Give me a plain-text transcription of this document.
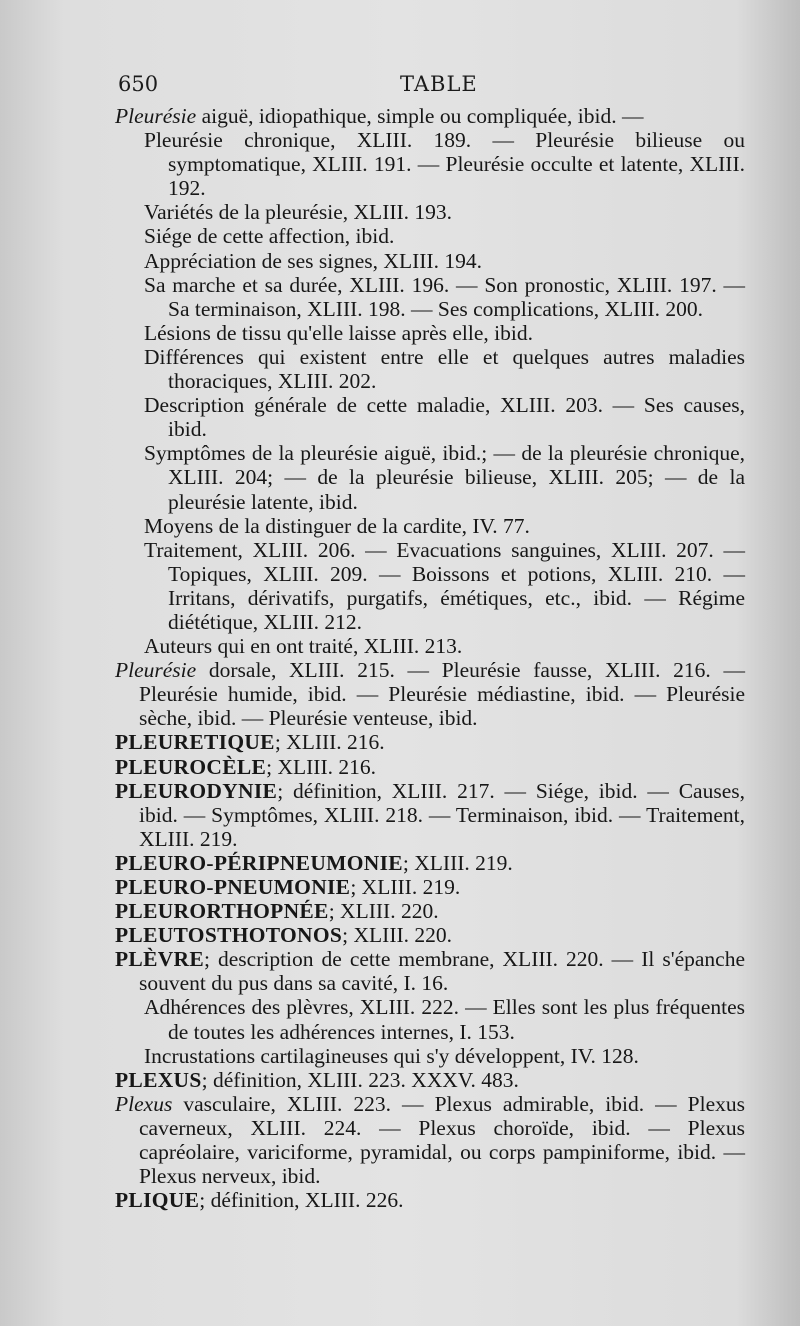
650	TABLE

Pleurésie aiguë, idiopathique, simple ou compliquée, ibid. —

Pleurésie chronique, XLIII. 189. — Pleurésie bilieuse ou symptomatique, XLIII. 191. — Pleurésie occulte et latente, XLIII. 192.

Variétés de la pleurésie, XLIII. 193.

Siége de cette affection, ibid.

Appréciation de ses signes, XLIII. 194.

Sa marche et sa durée, XLIII. 196. — Son pronostic, XLIII. 197. — Sa terminaison, XLIII. 198. — Ses complications, XLIII. 200.

Lésions de tissu qu'elle laisse après elle, ibid.

Différences qui existent entre elle et quelques autres maladies thoraciques, XLIII. 202.

Description générale de cette maladie, XLIII. 203. — Ses causes, ibid.

Symptômes de la pleurésie aiguë, ibid.; — de la pleurésie chronique, XLIII. 204; — de la pleurésie bilieuse, XLIII. 205; — de la pleurésie latente, ibid.

Moyens de la distinguer de la cardite, IV. 77.

Traitement, XLIII. 206. — Evacuations sanguines, XLIII. 207. — Topiques, XLIII. 209. — Boissons et potions, XLIII. 210. — Irritans, dérivatifs, purgatifs, émétiques, etc., ibid. — Régime diététique, XLIII. 212.

Auteurs qui en ont traité, XLIII. 213.

Pleurésie dorsale, XLIII. 215. — Pleurésie fausse, XLIII. 216. — Pleurésie humide, ibid. — Pleurésie médiastine, ibid. — Pleurésie sèche, ibid. — Pleurésie venteuse, ibid.

PLEURETIQUE; XLIII. 216.

PLEUROCÈLE; XLIII. 216.

PLEURODYNIE; définition, XLIII. 217. — Siége, ibid. — Causes, ibid. — Symptômes, XLIII. 218. — Terminaison, ibid. — Traitement, XLIII. 219.

PLEURO-PÉRIPNEUMONIE; XLIII. 219.

PLEURO-PNEUMONIE; XLIII. 219.

PLEURORTHOPNÉE; XLIII. 220.

PLEUTOSTHOTONOS; XLIII. 220.

PLÈVRE; description de cette membrane, XLIII. 220. — Il s'épanche souvent du pus dans sa cavité, I. 16.

Adhérences des plèvres, XLIII. 222. — Elles sont les plus fréquentes de toutes les adhérences internes, I. 153.

Incrustations cartilagineuses qui s'y développent, IV. 128.

PLEXUS; définition, XLIII. 223. XXXV. 483.

Plexus vasculaire, XLIII. 223. — Plexus admirable, ibid. — Plexus caverneux, XLIII. 224. — Plexus choroïde, ibid. — Plexus capréolaire, variciforme, pyramidal, ou corps pampiniforme, ibid. — Plexus nerveux, ibid.

PLIQUE; définition, XLIII. 226.
